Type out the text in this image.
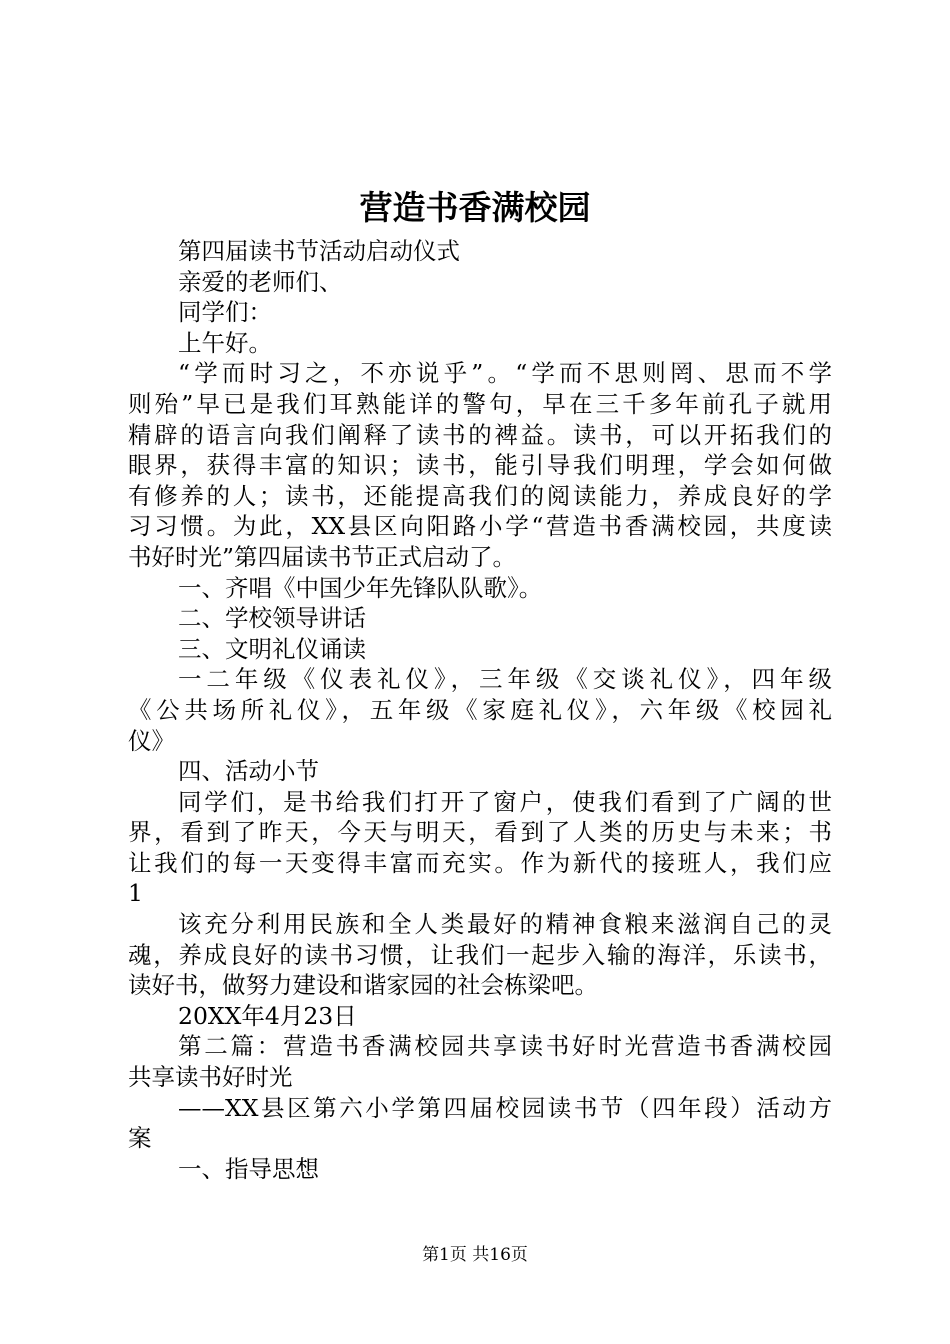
营造书香满校园
第四届读书节活动启动仪式
亲爱的老师们、
同学们：
上午好。
“学而时习之，不亦说乎”。“学而不思则罔、思而不学
则殆”早已是我们耳熟能详的警句，早在三千多年前孔子就用
精辟的语言向我们阐释了读书的裨益。读书，可以开拓我们的
眼界，获得丰富的知识；读书，能引导我们明理，学会如何做
有修养的人；读书，还能提高我们的阅读能力，养成良好的学
习习惯。为此，XX县区向阳路小学“营造书香满校园，共度读
书好时光”第四届读书节正式启动了。
一、齐唱《中国少年先锋队队歌》。
二、学校领导讲话
三、文明礼仪诵读
一二年级《仪表礼仪》，三年级《交谈礼仪》，四年级
《公共场所礼仪》，五年级《家庭礼仪》，六年级《校园礼
仪》
四、活动小节
同学们，是书给我们打开了窗户，使我们看到了广阔的世
界，看到了昨天，今天与明天，看到了人类的历史与未来；书
让我们的每一天变得丰富而充实。作为新代的接班人，我们应
1
该充分利用民族和全人类最好的精神食粮来滋润自己的灵
魂，养成良好的读书习惯，让我们一起步入输的海洋，乐读书，
读好书，做努力建设和谐家园的社会栋梁吧。
20XX年4月23日
第二篇：营造书香满校园共享读书好时光营造书香满校园
共享读书好时光
——XX县区第六小学第四届校园读书节（四年段）活动方
案
一、指导思想
第1页 共16页
